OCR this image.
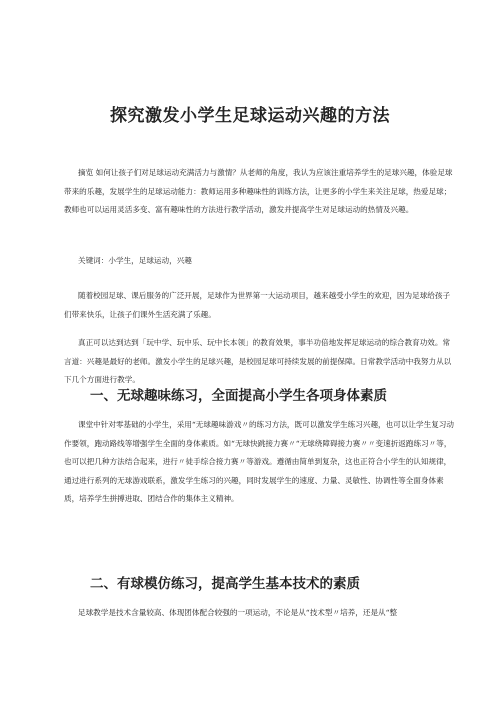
探究激发小学生足球运动兴趣的方法

摘览 如何让孩子们对足球运动充满活力与激情？从老师的角度，我认为应该注重培养学生的足球兴趣，体验足球带来的乐趣，发展学生的足球运动能力：教师运用多种趣味性的训练方法，让更多的小学生来关注足球，热爱足球；教师也可以运用灵活多变、富有趣味性的方法进行教学活动，激发并提高学生对足球运动的热情及兴趣。

关键词：小学生，足球运动，兴趣

随着校园足球、课后服务的广泛开展，足球作为世界第一大运动项目，越来越受小学生的欢迎，因为足球给孩子们带来快乐，让孩子们课外生活充满了乐趣。

真正可以达到达到「玩中学、玩中乐、玩中长本领」的教育效果，事半功倍地发挥足球运动的综合教育功效。常言道：兴趣是最好的老师。激发小学生的足球兴趣，是校园足球可持续发展的前提保障。日常教学活动中我努力从以下几个方面进行教学。

一、无球趣味练习，全面提高小学生各项身体素质

课堂中针对零基础的小学生，采用“无球趣味游戏〃的练习方法，既可以激发学生练习兴趣，也可以让学生复习动作要领，跑动路线等增强学生全面的身体素质。如“无球快跳接力赛〃“无球绕障碍接力赛〃〃变速折返跑练习〃等，也可以把几种方法结合起来，进行〃徒手综合接力赛〃等游戏。遵循由简单到复杂，这也正符合小学生的认知规律，通过进行系列的无球游戏联系，激发学生练习的兴趣，同时发展学生的速度、力量、灵敏性、协调性等全面身体素质，培养学生拼搏进取、团结合作的集体主义精神。

二、有球模仿练习，提高学生基本技术的素质

足球教学是技术含量较高、体现团体配合较强的一项运动，不论是从“技术型〃培养，还是从“整
